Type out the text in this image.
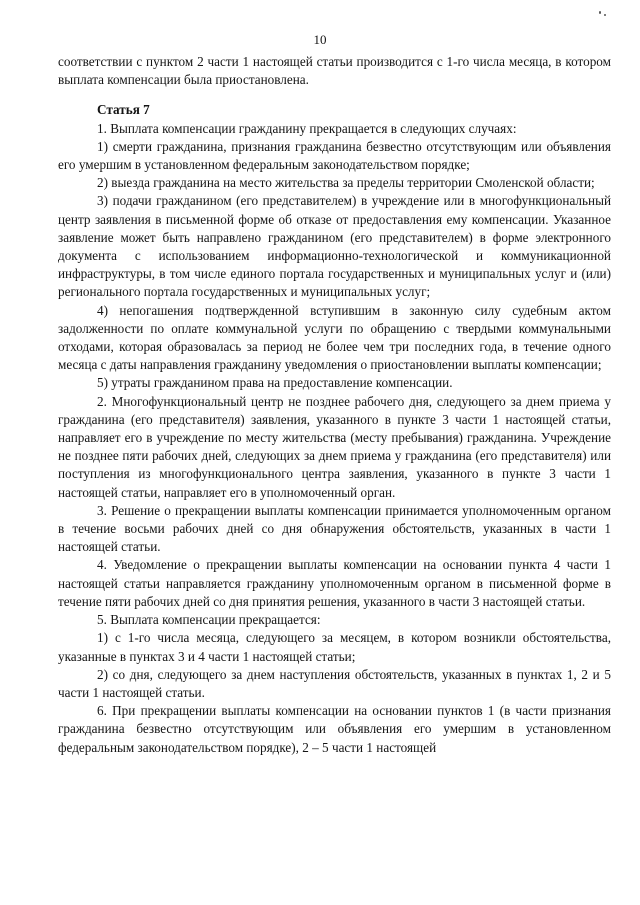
10

соответствии с пунктом 2 части 1 настоящей статьи производится с 1-го числа месяца, в котором выплата компенсации была приостановлена.

Статья 7

1. Выплата компенсации гражданину прекращается в следующих случаях:

1) смерти гражданина, признания гражданина безвестно отсутствующим или объявления его умершим в установленном федеральным законодательством порядке;

2) выезда гражданина на место жительства за пределы территории Смоленской области;

3) подачи гражданином (его представителем) в учреждение или в многофункциональный центр заявления в письменной форме об отказе от предоставления ему компенсации. Указанное заявление может быть направлено гражданином (его представителем) в форме электронного документа с использованием информационно-технологической и коммуникационной инфраструктуры, в том числе единого портала государственных и муниципальных услуг и (или) регионального портала государственных и муниципальных услуг;

4) непогашения подтвержденной вступившим в законную силу судебным актом задолженности по оплате коммунальной услуги по обращению с твердыми коммунальными отходами, которая образовалась за период не более чем три последних года, в течение одного месяца с даты направления гражданину уведомления о приостановлении выплаты компенсации;

5) утраты гражданином права на предоставление компенсации.

2. Многофункциональный центр не позднее рабочего дня, следующего за днем приема у гражданина (его представителя) заявления, указанного в пункте 3 части 1 настоящей статьи, направляет его в учреждение по месту жительства (месту пребывания) гражданина. Учреждение не позднее пяти рабочих дней, следующих за днем приема у гражданина (его представителя) или поступления из многофункционального центра заявления, указанного в пункте 3 части 1 настоящей статьи, направляет его в уполномоченный орган.

3. Решение о прекращении выплаты компенсации принимается уполномоченным органом в течение восьми рабочих дней со дня обнаружения обстоятельств, указанных в части 1 настоящей статьи.

4. Уведомление о прекращении выплаты компенсации на основании пункта 4 части 1 настоящей статьи направляется гражданину уполномоченным органом в письменной форме в течение пяти рабочих дней со дня принятия решения, указанного в части 3 настоящей статьи.

5. Выплата компенсации прекращается:

1) с 1-го числа месяца, следующего за месяцем, в котором возникли обстоятельства, указанные в пунктах 3 и 4 части 1 настоящей статьи;

2) со дня, следующего за днем наступления обстоятельств, указанных в пунктах 1, 2 и 5 части 1 настоящей статьи.

6. При прекращении выплаты компенсации на основании пунктов 1 (в части признания гражданина безвестно отсутствующим или объявления его умершим в установленном федеральным законодательством порядке), 2 – 5 части 1 настоящей
